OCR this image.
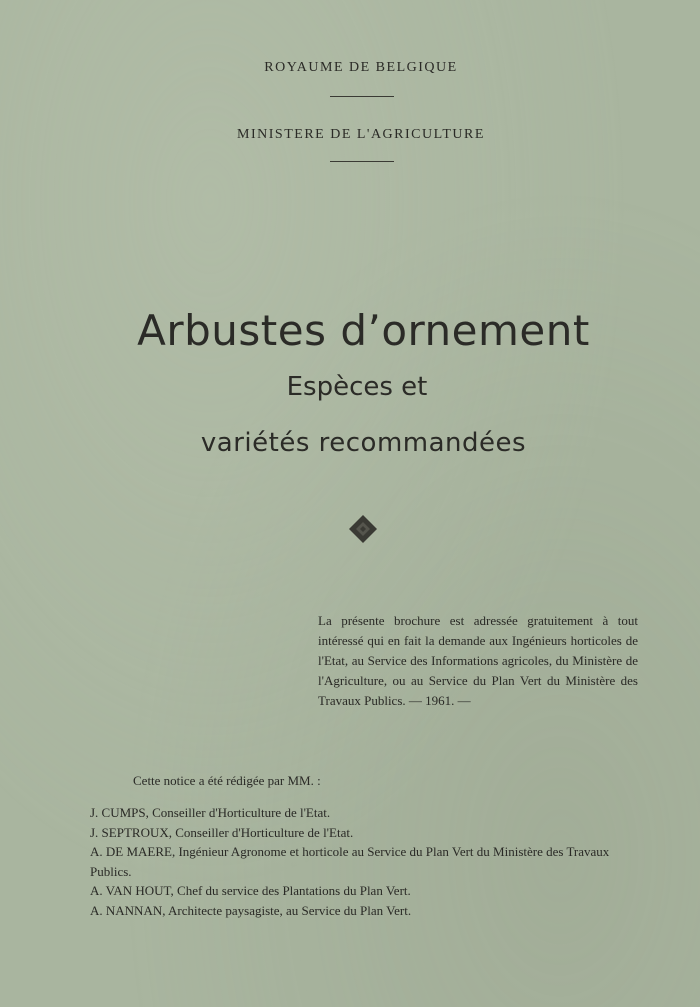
ROYAUME DE BELGIQUE
MINISTERE DE L'AGRICULTURE
Arbustes d’ornement
Espèces et
variétés recommandées
La présente brochure est adressée gratuitement à tout intéressé qui en fait la demande aux Ingénieurs horticoles de l'Etat, au Service des Informations agricoles, du Ministère de l'Agriculture, ou au Service du Plan Vert du Ministère des Travaux Publics. — 1961. —
Cette notice a été rédigée par MM. :
J. CUMPS, Conseiller d'Horticulture de l'Etat.
J. SEPTROUX, Conseiller d'Horticulture de l'Etat.
A. DE MAERE, Ingénieur Agronome et horticole au Service du Plan Vert du Ministère des Travaux Publics.
A. VAN HOUT, Chef du service des Plantations du Plan Vert.
A. NANNAN, Architecte paysagiste, au Service du Plan Vert.
